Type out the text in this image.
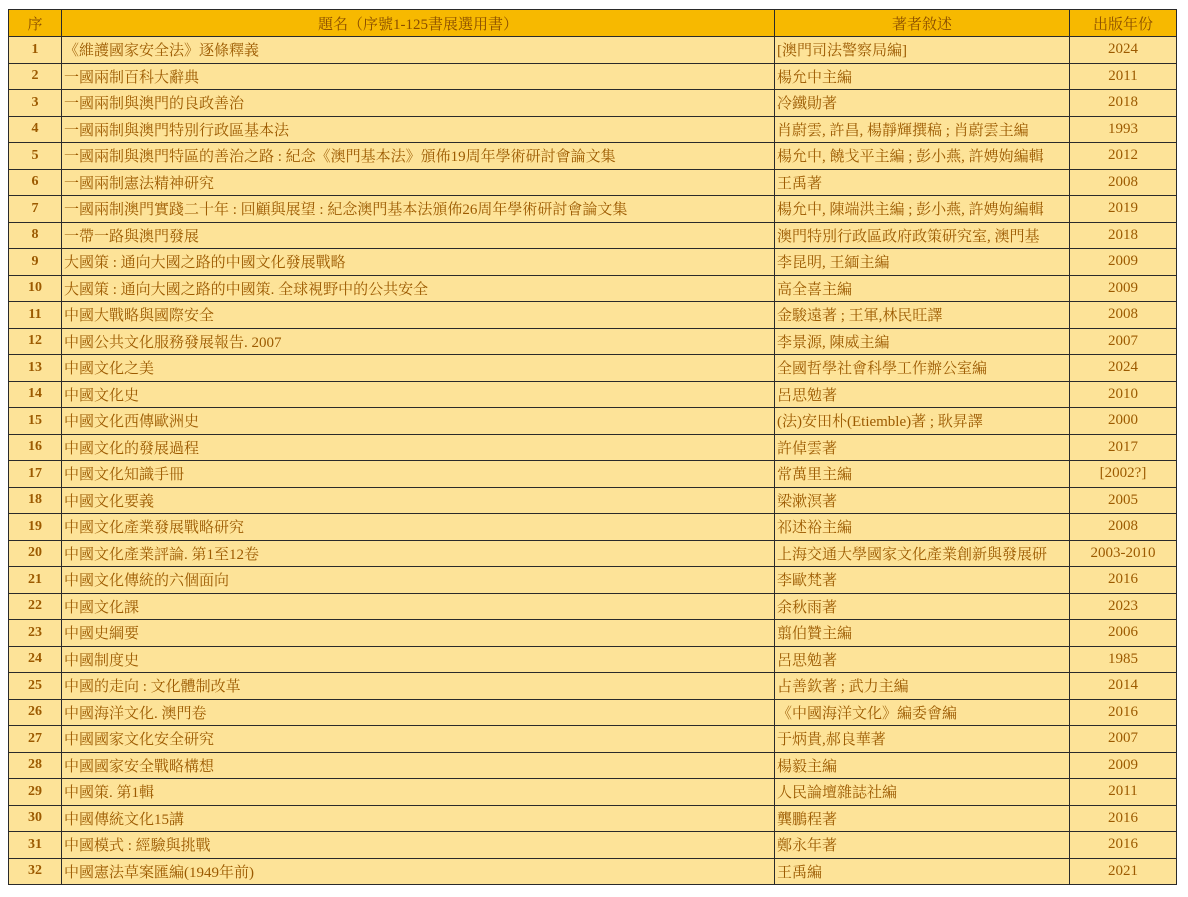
序	題名（序號1-125書展選用書）	著者敘述	出版年份
1	《維護國家安全法》逐條釋義	[澳門司法警察局編]	2024
2	一國兩制百科大辭典	楊允中主編	2011
3	一國兩制與澳門的良政善治	冷鐵勛著	2018
4	一國兩制與澳門特別行政區基本法	肖蔚雲, 許昌, 楊靜輝撰稿 ; 肖蔚雲主編	1993
5	一國兩制與澳門特區的善治之路 : 紀念《澳門基本法》頒佈19周年學術研討會論文集	楊允中, 饒戈平主編 ; 彭小燕, 許娉姁編輯	2012
6	一國兩制憲法精神研究	王禹著	2008
7	一國兩制澳門實踐二十年 : 回顧與展望 : 紀念澳門基本法頒佈26周年學術研討會論文集	楊允中, 陳端洪主編 ; 彭小燕, 許娉姁編輯	2019
8	一帶一路與澳門發展	澳門特別行政區政府政策研究室, 澳門基	2018
9	大國策 : 通向大國之路的中國文化發展戰略	李昆明, 王緬主編	2009
10	大國策 : 通向大國之路的中國策. 全球視野中的公共安全	高全喜主編	2009
11	中國大戰略與國際安全	金駿遠著 ; 王軍,林民旺譯	2008
12	中國公共文化服務發展報告. 2007	李景源, 陳威主編	2007
13	中國文化之美	全國哲學社會科學工作辦公室編	2024
14	中國文化史	呂思勉著	2010
15	中國文化西傳歐洲史	(法)安田朴(Etiemble)著 ; 耿昇譯	2000
16	中國文化的發展過程	許倬雲著	2017
17	中國文化知識手冊	常萬里主編	[2002?]
18	中國文化要義	梁漱溟著	2005
19	中國文化產業發展戰略研究	祁述裕主編	2008
20	中國文化產業評論. 第1至12卷	上海交通大學國家文化產業創新與發展研	2003-2010
21	中國文化傳統的六個面向	李歐梵著	2016
22	中國文化課	余秋雨著	2023
23	中國史綱要	翦伯贊主編	2006
24	中國制度史	呂思勉著	1985
25	中國的走向 : 文化體制改革	占善欽著 ; 武力主編	2014
26	中國海洋文化. 澳門卷	《中國海洋文化》編委會編	2016
27	中國國家文化安全研究	于炳貴,郝良華著	2007
28	中國國家安全戰略構想	楊毅主編	2009
29	中國策. 第1輯	人民論壇雜誌社編	2011
30	中國傳統文化15講	龔鵬程著	2016
31	中國模式 : 經驗與挑戰	鄭永年著	2016
32	中國憲法草案匯編(1949年前)	王禹編	2021
